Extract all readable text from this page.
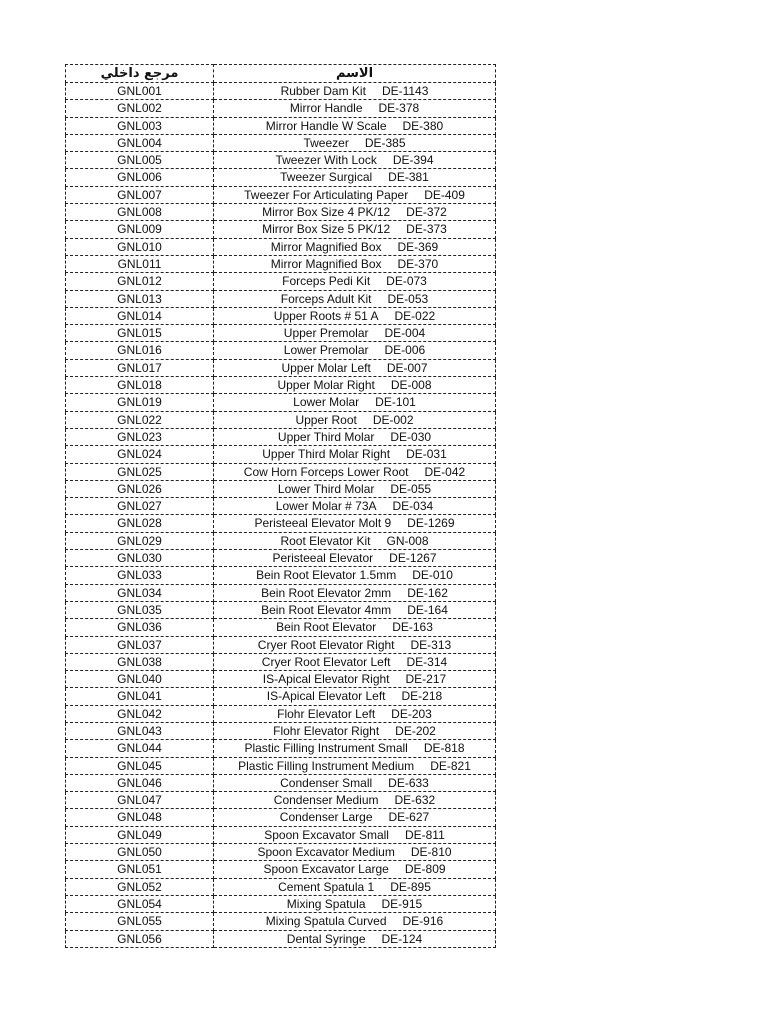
مرجع داخلي	الاسم
GNL001	Rubber Dam Kit DE-1143
GNL002	Mirror Handle DE-378
GNL003	Mirror Handle W Scale DE-380
GNL004	Tweezer DE-385
GNL005	Tweezer With Lock DE-394
GNL006	Tweezer Surgical DE-381
GNL007	Tweezer For Articulating Paper DE-409
GNL008	Mirror Box Size 4 PK/12 DE-372
GNL009	Mirror Box Size 5 PK/12 DE-373
GNL010	Mirror Magnified Box DE-369
GNL011	Mirror Magnified Box DE-370
GNL012	Forceps Pedi Kit DE-073
GNL013	Forceps Adult Kit DE-053
GNL014	Upper Roots # 51 A DE-022
GNL015	Upper Premolar DE-004
GNL016	Lower Premolar DE-006
GNL017	Upper Molar Left DE-007
GNL018	Upper Molar Right DE-008
GNL019	Lower Molar DE-101
GNL022	Upper Root DE-002
GNL023	Upper Third Molar DE-030
GNL024	Upper Third Molar Right DE-031
GNL025	Cow Horn Forceps Lower Root DE-042
GNL026	Lower Third Molar DE-055
GNL027	Lower Molar # 73A DE-034
GNL028	Peristeeal Elevator Molt 9 DE-1269
GNL029	Root Elevator Kit GN-008
GNL030	Peristeeal Elevator DE-1267
GNL033	Bein Root Elevator 1.5mm DE-010
GNL034	Bein Root Elevator 2mm DE-162
GNL035	Bein Root Elevator 4mm DE-164
GNL036	Bein Root Elevator DE-163
GNL037	Cryer Root Elevator Right DE-313
GNL038	Cryer Root Elevator Left DE-314
GNL040	IS-Apical Elevator Right DE-217
GNL041	IS-Apical Elevator Left DE-218
GNL042	Flohr Elevator Left DE-203
GNL043	Flohr Elevator Right DE-202
GNL044	Plastic Filling Instrument Small DE-818
GNL045	Plastic Filling Instrument Medium DE-821
GNL046	Condenser Small DE-633
GNL047	Condenser Medium DE-632
GNL048	Condenser Large DE-627
GNL049	Spoon Excavator Small DE-811
GNL050	Spoon Excavator Medium DE-810
GNL051	Spoon Excavator Large DE-809
GNL052	Cement Spatula 1 DE-895
GNL054	Mixing Spatula DE-915
GNL055	Mixing Spatula Curved DE-916
GNL056	Dental Syringe DE-124
